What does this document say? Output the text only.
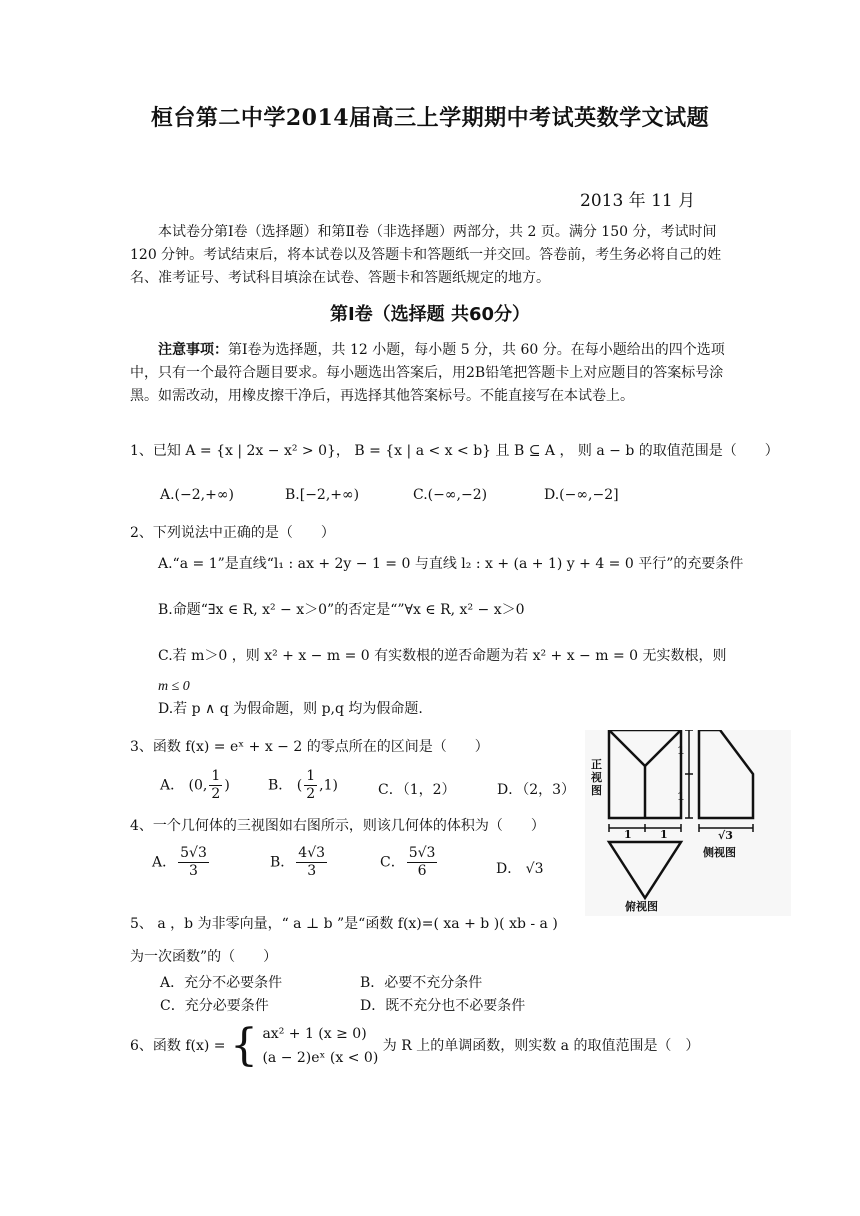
桓台第二中学2014届高三上学期期中考试英数学文试题
2013 年 11 月
本试卷分第Ⅰ卷（选择题）和第Ⅱ卷（非选择题）两部分，共 2 页。满分 150 分，考试时间 120 分钟。考试结束后，将本试卷以及答题卡和答题纸一并交回。答卷前，考生务必将自己的姓名、准考证号、考试科目填涂在试卷、答题卡和答题纸规定的地方。
第Ⅰ卷（选择题 共60分）
注意事项：第Ⅰ卷为选择题，共 12 小题，每小题 5 分，共 60 分。在每小题给出的四个选项中，只有一个最符合题目要求。每小题选出答案后，用2B铅笔把答题卡上对应题目的答案标号涂黑。如需改动，用橡皮擦干净后，再选择其他答案标号。不能直接写在本试卷上。
1、已知 A = {x | 2x − x² > 0}， B = {x | a < x < b} 且 B ⊆ A ， 则 a − b 的取值范围是（　　）
A.(−2,+∞)	B.[−2,+∞)	C.(−∞,−2)	D.(−∞,−2]
2、下列说法中正确的是（　　）
A.“a = 1”是直线“l₁ : ax + 2y − 1 = 0 与直线 l₂ : x + (a + 1) y + 4 = 0 平行”的充要条件
B.命题“∃x ∈ R, x² − x＞0”的否定是“”∀x ∈ R, x² − x＞0
C.若 m＞0 ，则 x² + x − m = 0 有实数根的逆否命题为若 x² + x − m = 0 无实数根，则
m ≤ 0
D.若 p ∧ q 为假命题，则 p,q 均为假命题.
3、函数 f(x) = eˣ + x − 2 的零点所在的区间是（　　）
A． (0, $\frac{1}{2}$ )	B． ( $\frac{1}{2} ,1$)	C．（1，2）	D．（2，3）
4、一个几何体的三视图如右图所示，则该几何体的体积为（　　）
A． $\frac{5√3}{3}$	B． $\frac{4√3}{3}$	C． $\frac{5√3}{6}$	D． √3
正
视
图
1
1
1	1	√3
侧视图
俯视图
5、 a ，b 为非零向量，“ a ⊥ b ”是“函数 f(x)=( xa + b )( xb - a )
为一次函数”的（　　）
A．充分不必要条件	B．必要不充分条件
C．充分必要条件	D．既不充分也不必要条件
6、函数 f(x) = { ax² + 1 (x ≥ 0)
(a − 2)eˣ (x < 0)
为 R 上的单调函数，则实数 a 的取值范围是（　）
